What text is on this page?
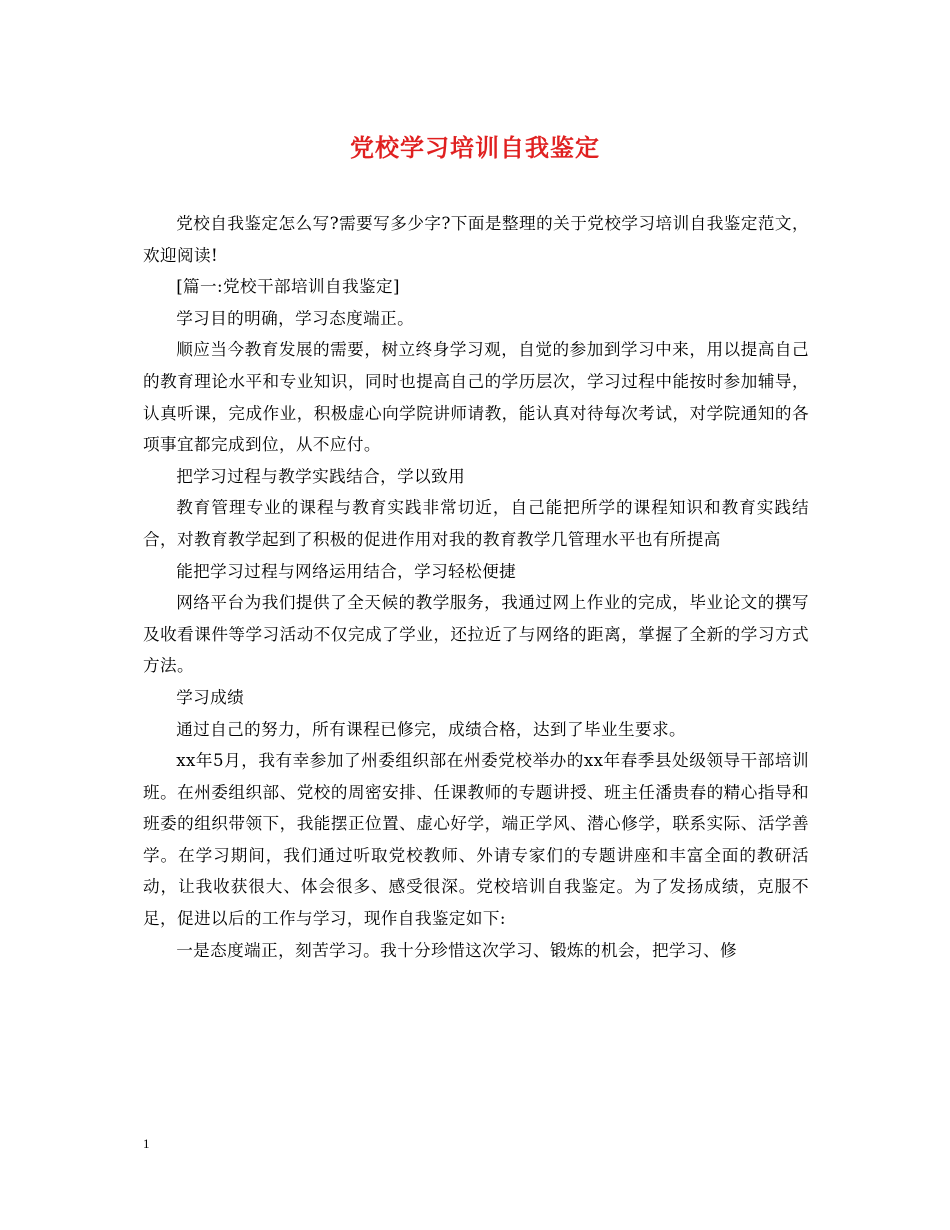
党校学习培训自我鉴定

党校自我鉴定怎么写?需要写多少字?下面是整理的关于党校学习培训自我鉴定范文，欢迎阅读!

[篇一:党校干部培训自我鉴定]

学习目的明确，学习态度端正。

顺应当今教育发展的需要，树立终身学习观，自觉的参加到学习中来，用以提高自己的教育理论水平和专业知识，同时也提高自己的学历层次，学习过程中能按时参加辅导，认真听课，完成作业，积极虚心向学院讲师请教，能认真对待每次考试，对学院通知的各项事宜都完成到位，从不应付。

把学习过程与教学实践结合，学以致用

教育管理专业的课程与教育实践非常切近，自己能把所学的课程知识和教育实践结合，对教育教学起到了积极的促进作用对我的教育教学几管理水平也有所提高

能把学习过程与网络运用结合，学习轻松便捷

网络平台为我们提供了全天候的教学服务，我通过网上作业的完成，毕业论文的撰写及收看课件等学习活动不仅完成了学业，还拉近了与网络的距离，掌握了全新的学习方式方法。

学习成绩

通过自己的努力，所有课程已修完，成绩合格，达到了毕业生要求。

xx年5月，我有幸参加了州委组织部在州委党校举办的xx年春季县处级领导干部培训班。在州委组织部、党校的周密安排、任课教师的专题讲授、班主任潘贵春的精心指导和班委的组织带领下，我能摆正位置、虚心好学，端正学风、潜心修学，联系实际、活学善学。在学习期间，我们通过听取党校教师、外请专家们的专题讲座和丰富全面的教研活动，让我收获很大、体会很多、感受很深。党校培训自我鉴定。为了发扬成绩，克服不足，促进以后的工作与学习，现作自我鉴定如下:

一是态度端正，刻苦学习。我十分珍惜这次学习、锻炼的机会，把学习、修

1
